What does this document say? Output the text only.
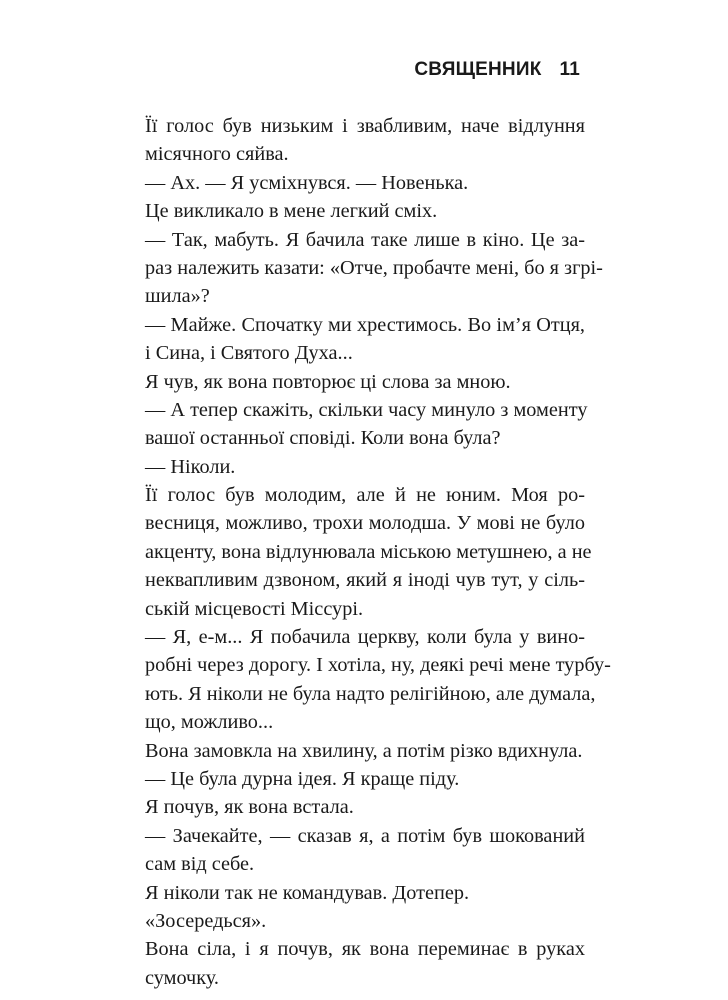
СВЯЩЕННИК 11
Її голос був низьким і звабливим, наче відлуння
місячного сяйва.
— Ах. — Я усміхнувся. — Новенька.
Це викликало в мене легкий сміх.
— Так, мабуть. Я бачила таке лише в кіно. Це за-
раз належить казати: «Отче, пробачте мені, бо я згрі-
шила»?
— Майже. Спочатку ми хрестимось. Во ім’я Отця,
і Сина, і Святого Духа...
Я чув, як вона повторює ці слова за мною.
— А тепер скажіть, скільки часу минуло з моменту
вашої останньої сповіді. Коли вона була?
— Ніколи.
Її голос був молодим, але й не юним. Моя ро-
весниця, можливо, трохи молодша. У мові не було
акценту, вона відлунювала міською метушнею, а не
неквапливим дзвоном, який я іноді чув тут, у сіль-
ській місцевості Міссурі.
— Я, е-м... Я побачила церкву, коли була у вино-
робні через дорогу. І хотіла, ну, деякі речі мене турбу-
ють. Я ніколи не була надто релігійною, але думала,
що, можливо...
Вона замовкла на хвилину, а потім різко вдихнула.
— Це була дурна ідея. Я краще піду.
Я почув, як вона встала.
— Зачекайте, — сказав я, а потім був шокований
сам від себе.
Я ніколи так не командував. Дотепер.
«Зосередься».
Вона сіла, і я почув, як вона переминає в руках
сумочку.
